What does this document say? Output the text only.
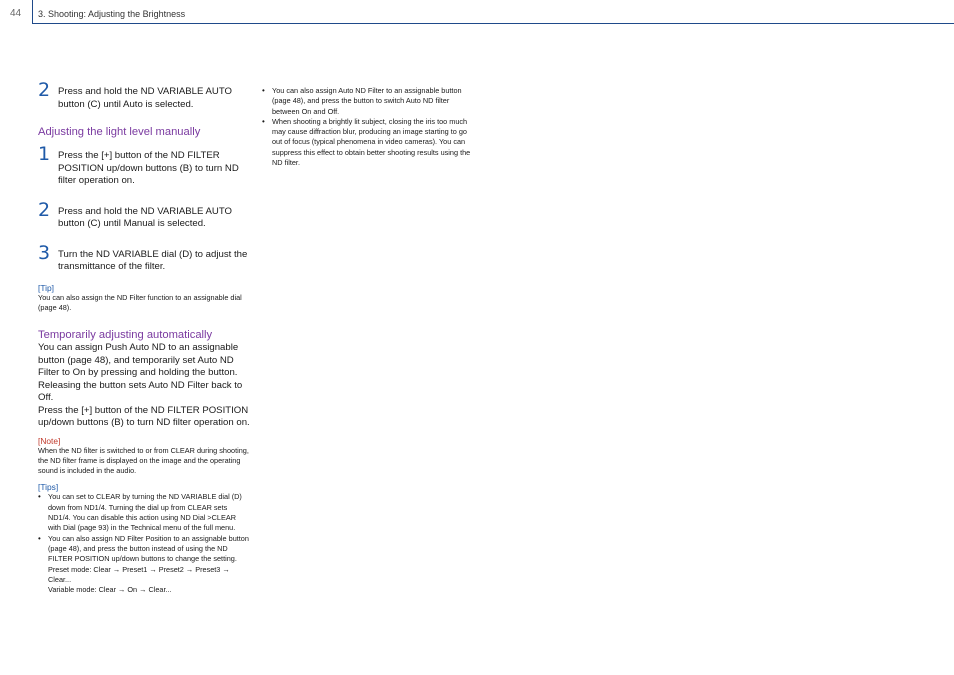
44 3. Shooting: Adjusting the Brightness
2 Press and hold the ND VARIABLE AUTO button (C) until Auto is selected.

Adjusting the light level manually

1 Press the [+] button of the ND FILTER POSITION up/down buttons (B) to turn ND filter operation on.
2 Press and hold the ND VARIABLE AUTO button (C) until Manual is selected.
3 Turn the ND VARIABLE dial (D) to adjust the transmittance of the filter.
[Tip]

You can also assign the ND Filter function to an assignable dial (page 48).

Temporarily adjusting automatically

You can assign Push Auto ND to an assignable button (page 48), and temporarily set Auto ND Filter to On by pressing and holding the button. Releasing the button sets Auto ND Filter back to Off.

Press the [+] button of the ND FILTER POSITION up/down buttons (B) to turn ND filter operation on.

[Note]

When the ND filter is switched to or from CLEAR during shooting, the ND filter frame is displayed on the image and the operating sound is included in the audio.

[Tips]
• You can set to CLEAR by turning the ND VARIABLE dial (D) down from ND1/4. Turning the dial up from CLEAR sets ND1/4. You can disable this action using ND Dial >CLEAR with Dial (page 93) in the Technical menu of the full menu.
• You can also assign ND Filter Position to an assignable button (page 48), and press the button instead of using the ND FILTER POSITION up/down buttons to change the setting.
Preset mode: Clear → Preset1 → Preset2 → Preset3 → Clear...
Variable mode: Clear → On → Clear...
• You can also assign Auto ND Filter to an assignable button (page 48), and press the button to switch Auto ND filter between On and Off.
• When shooting a brightly lit subject, closing the iris too much may cause diffraction blur, producing an image starting to go out of focus (typical phenomena in video cameras). You can suppress this effect to obtain better shooting results using the ND filter.
